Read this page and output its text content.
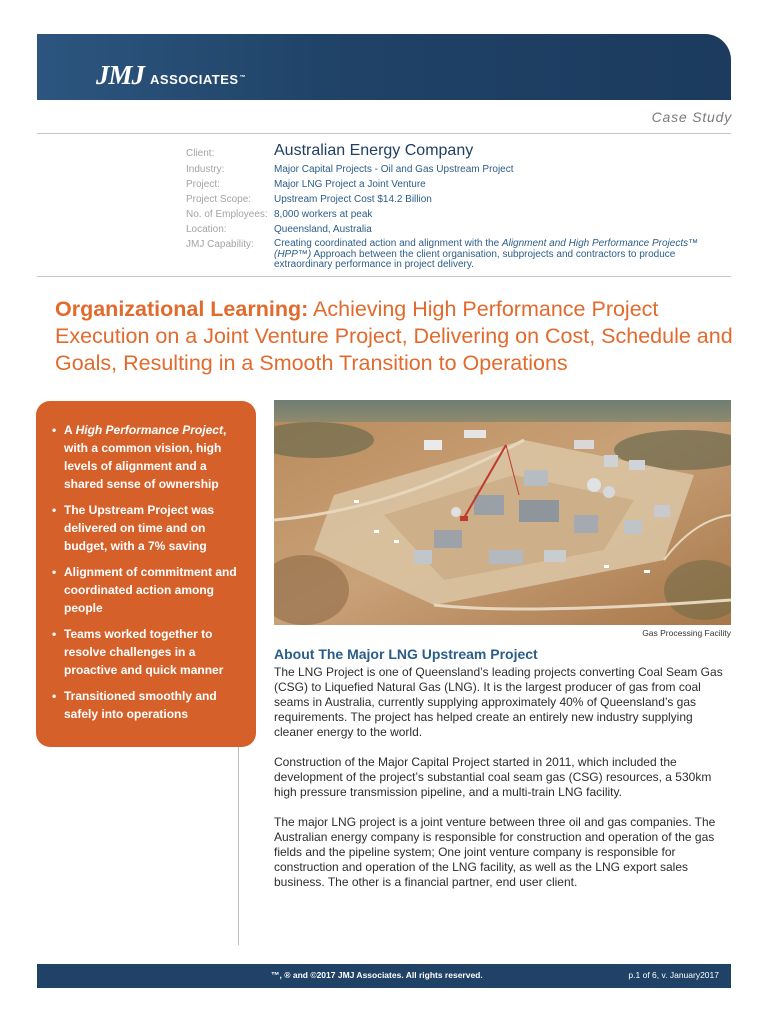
JMJ ASSOCIATES™
Case Study
Client:	Australian Energy Company
Industry:	Major Capital Projects - Oil and Gas Upstream Project
Project:	Major LNG Project a Joint Venture
Project Scope:	Upstream Project Cost $14.2 Billion
No. of Employees: 8,000 workers at peak
Location:	Queensland, Australia
JMJ Capability:	Creating coordinated action and alignment with the Alignment and High Performance Projects™ (HPP™) Approach between the client organisation, subprojects and contractors to produce extraordinary performance in project delivery.
Organizational Learning: Achieving High Performance Project Execution on a Joint Venture Project, Delivering on Cost, Schedule and Goals, Resulting in a Smooth Transition to Operations
• A High Performance Project, with a common vision, high levels of alignment and a shared sense of ownership
• The Upstream Project was delivered on time and on budget, with a 7% saving
• Alignment of commitment and coordinated action among people
• Teams worked together to resolve challenges in a proactive and quick manner
• Transitioned smoothly and safely into operations
Gas Processing Facility
About The Major LNG Upstream Project

The LNG Project is one of Queensland’s leading projects converting Coal Seam Gas (CSG) to Liquefied Natural Gas (LNG). It is the largest producer of gas from coal seams in Australia, currently supplying approximately 40% of Queensland’s gas requirements. The project has helped create an entirely new industry supplying cleaner energy to the world.

Construction of the Major Capital Project started in 2011, which included the development of the project’s substantial coal seam gas (CSG) resources, a 530km high pressure transmission pipeline, and a multi-train LNG facility.

The major LNG project is a joint venture between three oil and gas companies. The Australian energy company is responsible for construction and operation of the gas fields and the pipeline system; One joint venture company is responsible for construction and operation of the LNG facility, as well as the LNG export sales business. The other is a financial partner, end user client.

™, ® and ©2017 JMJ Associates. All rights reserved.	p.1 of 6, v. January2017
